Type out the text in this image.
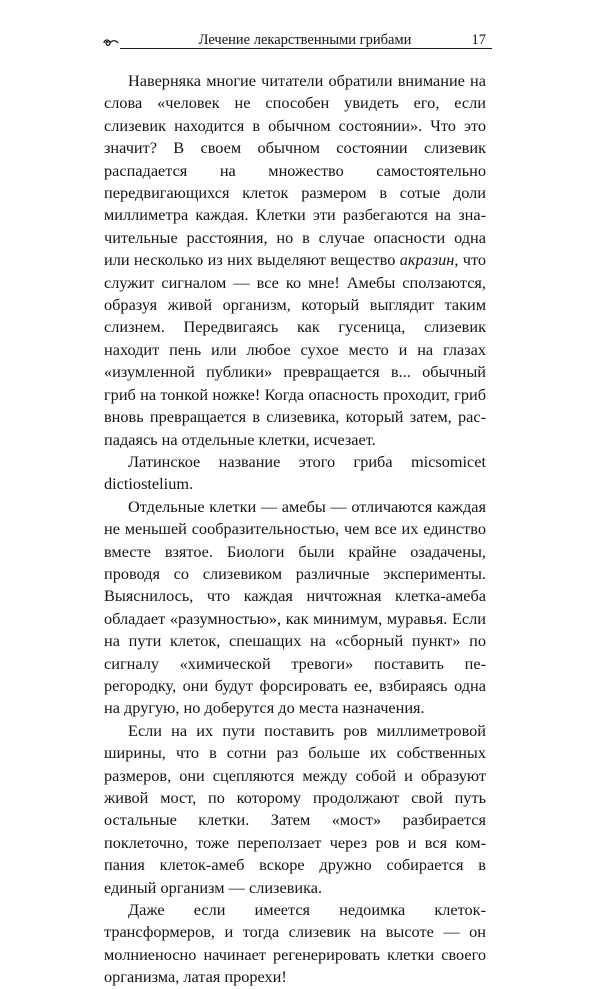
Лечение лекарственными грибами	17

Наверняка многие читатели обратили внимание на слова «человек не способен увидеть его, если слизевик находится в обычном состоянии». Что это значит? В своем обычном состоянии слизевик распадается на множество самостоятельно передвигающихся клеток размером в сотые доли миллиметра каждая. Клетки эти разбегаются на значительные расстояния, но в случае опасности одна или несколько из них выделяют вещество акразин, что служит сигналом — все ко мне! Амебы сползаются, образуя живой организм, который выглядит таким слизнем. Передвигаясь как гусеница, слизевик находит пень или любое сухое место и на глазах «изумленной публики» превращается в... обычный гриб на тонкой ножке! Когда опасность проходит, гриб вновь превращается в слизевика, который затем, распадаясь на отдельные клетки, исчезает.

Латинское название этого гриба micsomicet dictiostelium.

Отдельные клетки — амебы — отличаются каждая не меньшей сообразительностью, чем все их единство вместе взятое. Биологи были крайне озадачены, проводя со слизевиком различные эксперименты. Выяснилось, что каждая ничтожная клетка-амеба обладает «разумностью», как минимум, муравья. Если на пути клеток, спешащих на «сборный пункт» по сигналу «химической тревоги» поставить перегородку, они будут форсировать ее, взбираясь одна на другую, но доберутся до места назначения.

Если на их пути поставить ров миллиметровой ширины, что в сотни раз больше их собственных размеров, они сцепляются между собой и образуют живой мост, по которому продолжают свой путь остальные клетки. Затем «мост» разбирается поклеточно, тоже переползает через ров и вся компания клеток-амеб вскоре дружно собирается в единый организм — слизевика.

Даже если имеется недоимка клеток-трансформеров, и тогда слизевик на высоте — он молниеносно начинает регенерировать клетки своего организма, латая прорехи!
